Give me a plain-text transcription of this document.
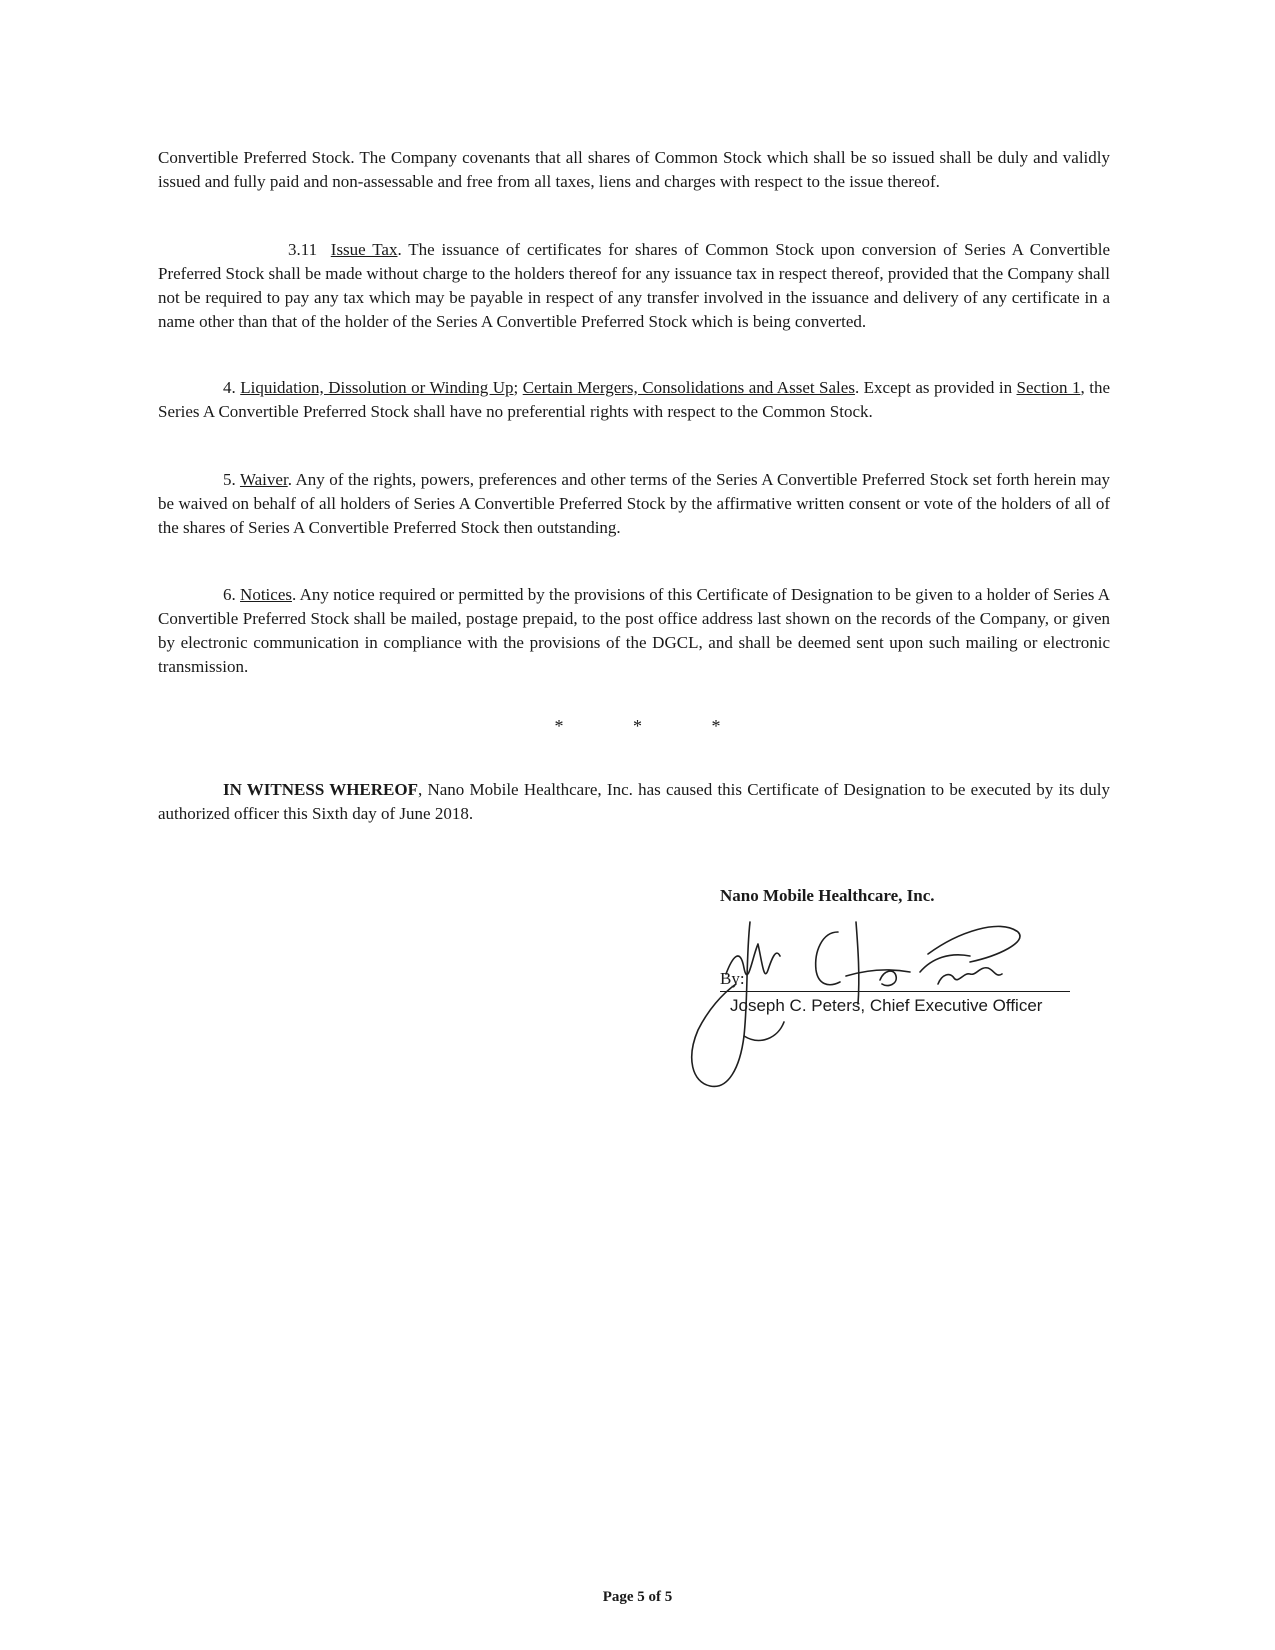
Convertible Preferred Stock. The Company covenants that all shares of Common Stock which shall be so issued shall be duly and validly issued and fully paid and non-assessable and free from all taxes, liens and charges with respect to the issue thereof.

3.11 Issue Tax. The issuance of certificates for shares of Common Stock upon conversion of Series A Convertible Preferred Stock shall be made without charge to the holders thereof for any issuance tax in respect thereof, provided that the Company shall not be required to pay any tax which may be payable in respect of any transfer involved in the issuance and delivery of any certificate in a name other than that of the holder of the Series A Convertible Preferred Stock which is being converted.

4. Liquidation, Dissolution or Winding Up; Certain Mergers, Consolidations and Asset Sales. Except as provided in Section 1, the Series A Convertible Preferred Stock shall have no preferential rights with respect to the Common Stock.

5. Waiver. Any of the rights, powers, preferences and other terms of the Series A Convertible Preferred Stock set forth herein may be waived on behalf of all holders of Series A Convertible Preferred Stock by the affirmative written consent or vote of the holders of all of the shares of Series A Convertible Preferred Stock then outstanding.

6. Notices. Any notice required or permitted by the provisions of this Certificate of Designation to be given to a holder of Series A Convertible Preferred Stock shall be mailed, postage prepaid, to the post office address last shown on the records of the Company, or given by electronic communication in compliance with the provisions of the DGCL, and shall be deemed sent upon such mailing or electronic transmission.

*	*	*

IN WITNESS WHEREOF, Nano Mobile Healthcare, Inc. has caused this Certificate of Designation to be executed by its duly authorized officer this Sixth day of June 2018.

Nano Mobile Healthcare, Inc.
By:
Joseph C. Peters, Chief Executive Officer
Page 5 of 5
